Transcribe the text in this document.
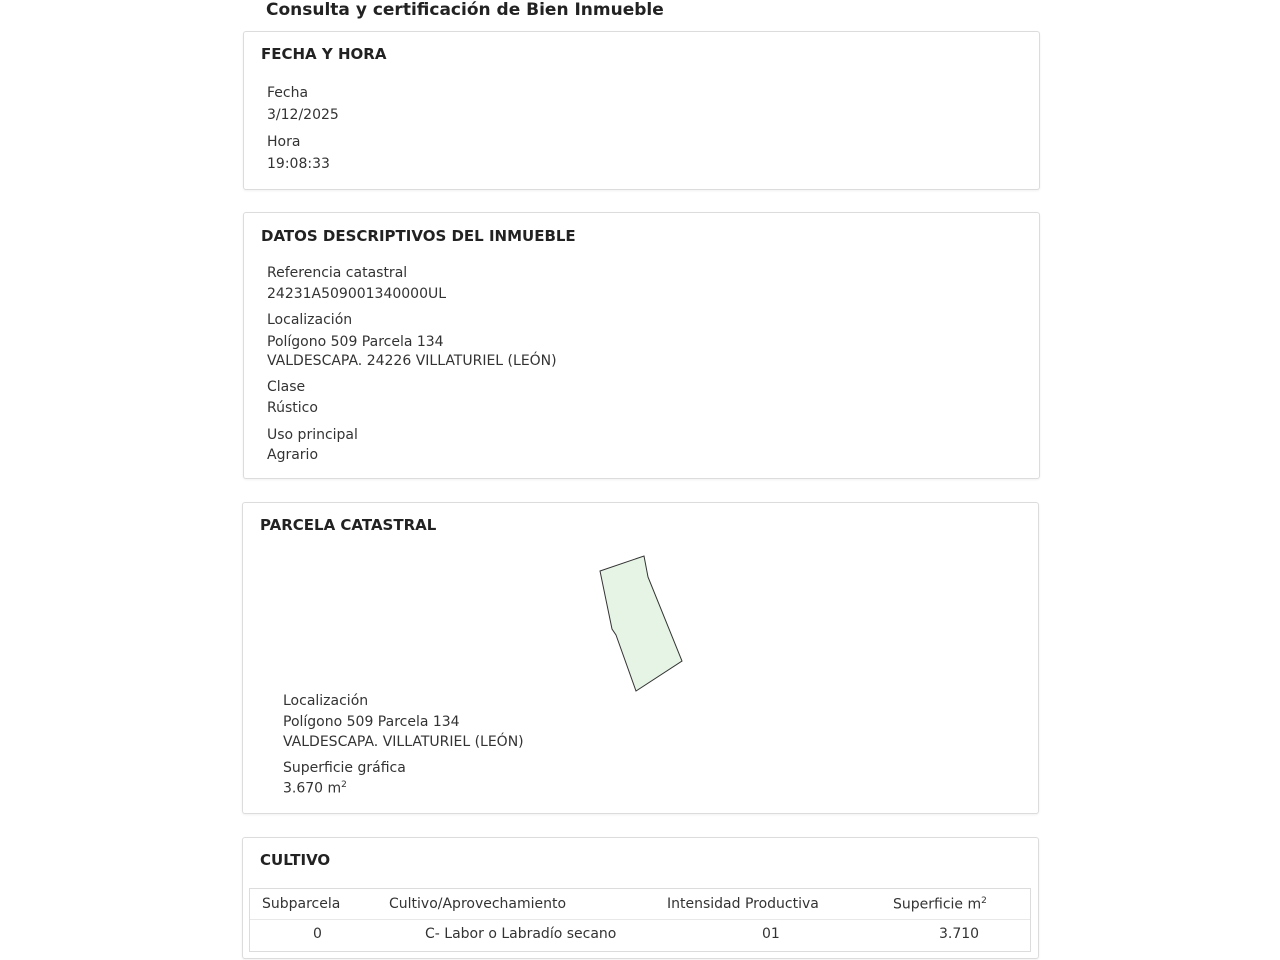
Consulta y certificación de Bien Inmueble
FECHA Y HORA
Fecha
3/12/2025
Hora
19:08:33
DATOS DESCRIPTIVOS DEL INMUEBLE
Referencia catastral
24231A509001340000UL
Localización
Polígono 509 Parcela 134
VALDESCAPA. 24226 VILLATURIEL (LEÓN)
Clase
Rústico
Uso principal
Agrario
PARCELA CATASTRAL
Localización
Polígono 509 Parcela 134
VALDESCAPA. VILLATURIEL (LEÓN)
Superficie gráfica
3.670 $m^2$
CULTIVO
Subparcela	Cultivo/Aprovechamiento	Intensidad Productiva	Superficie $m^2$
0	C- Labor o Labradío secano	01	3.710
